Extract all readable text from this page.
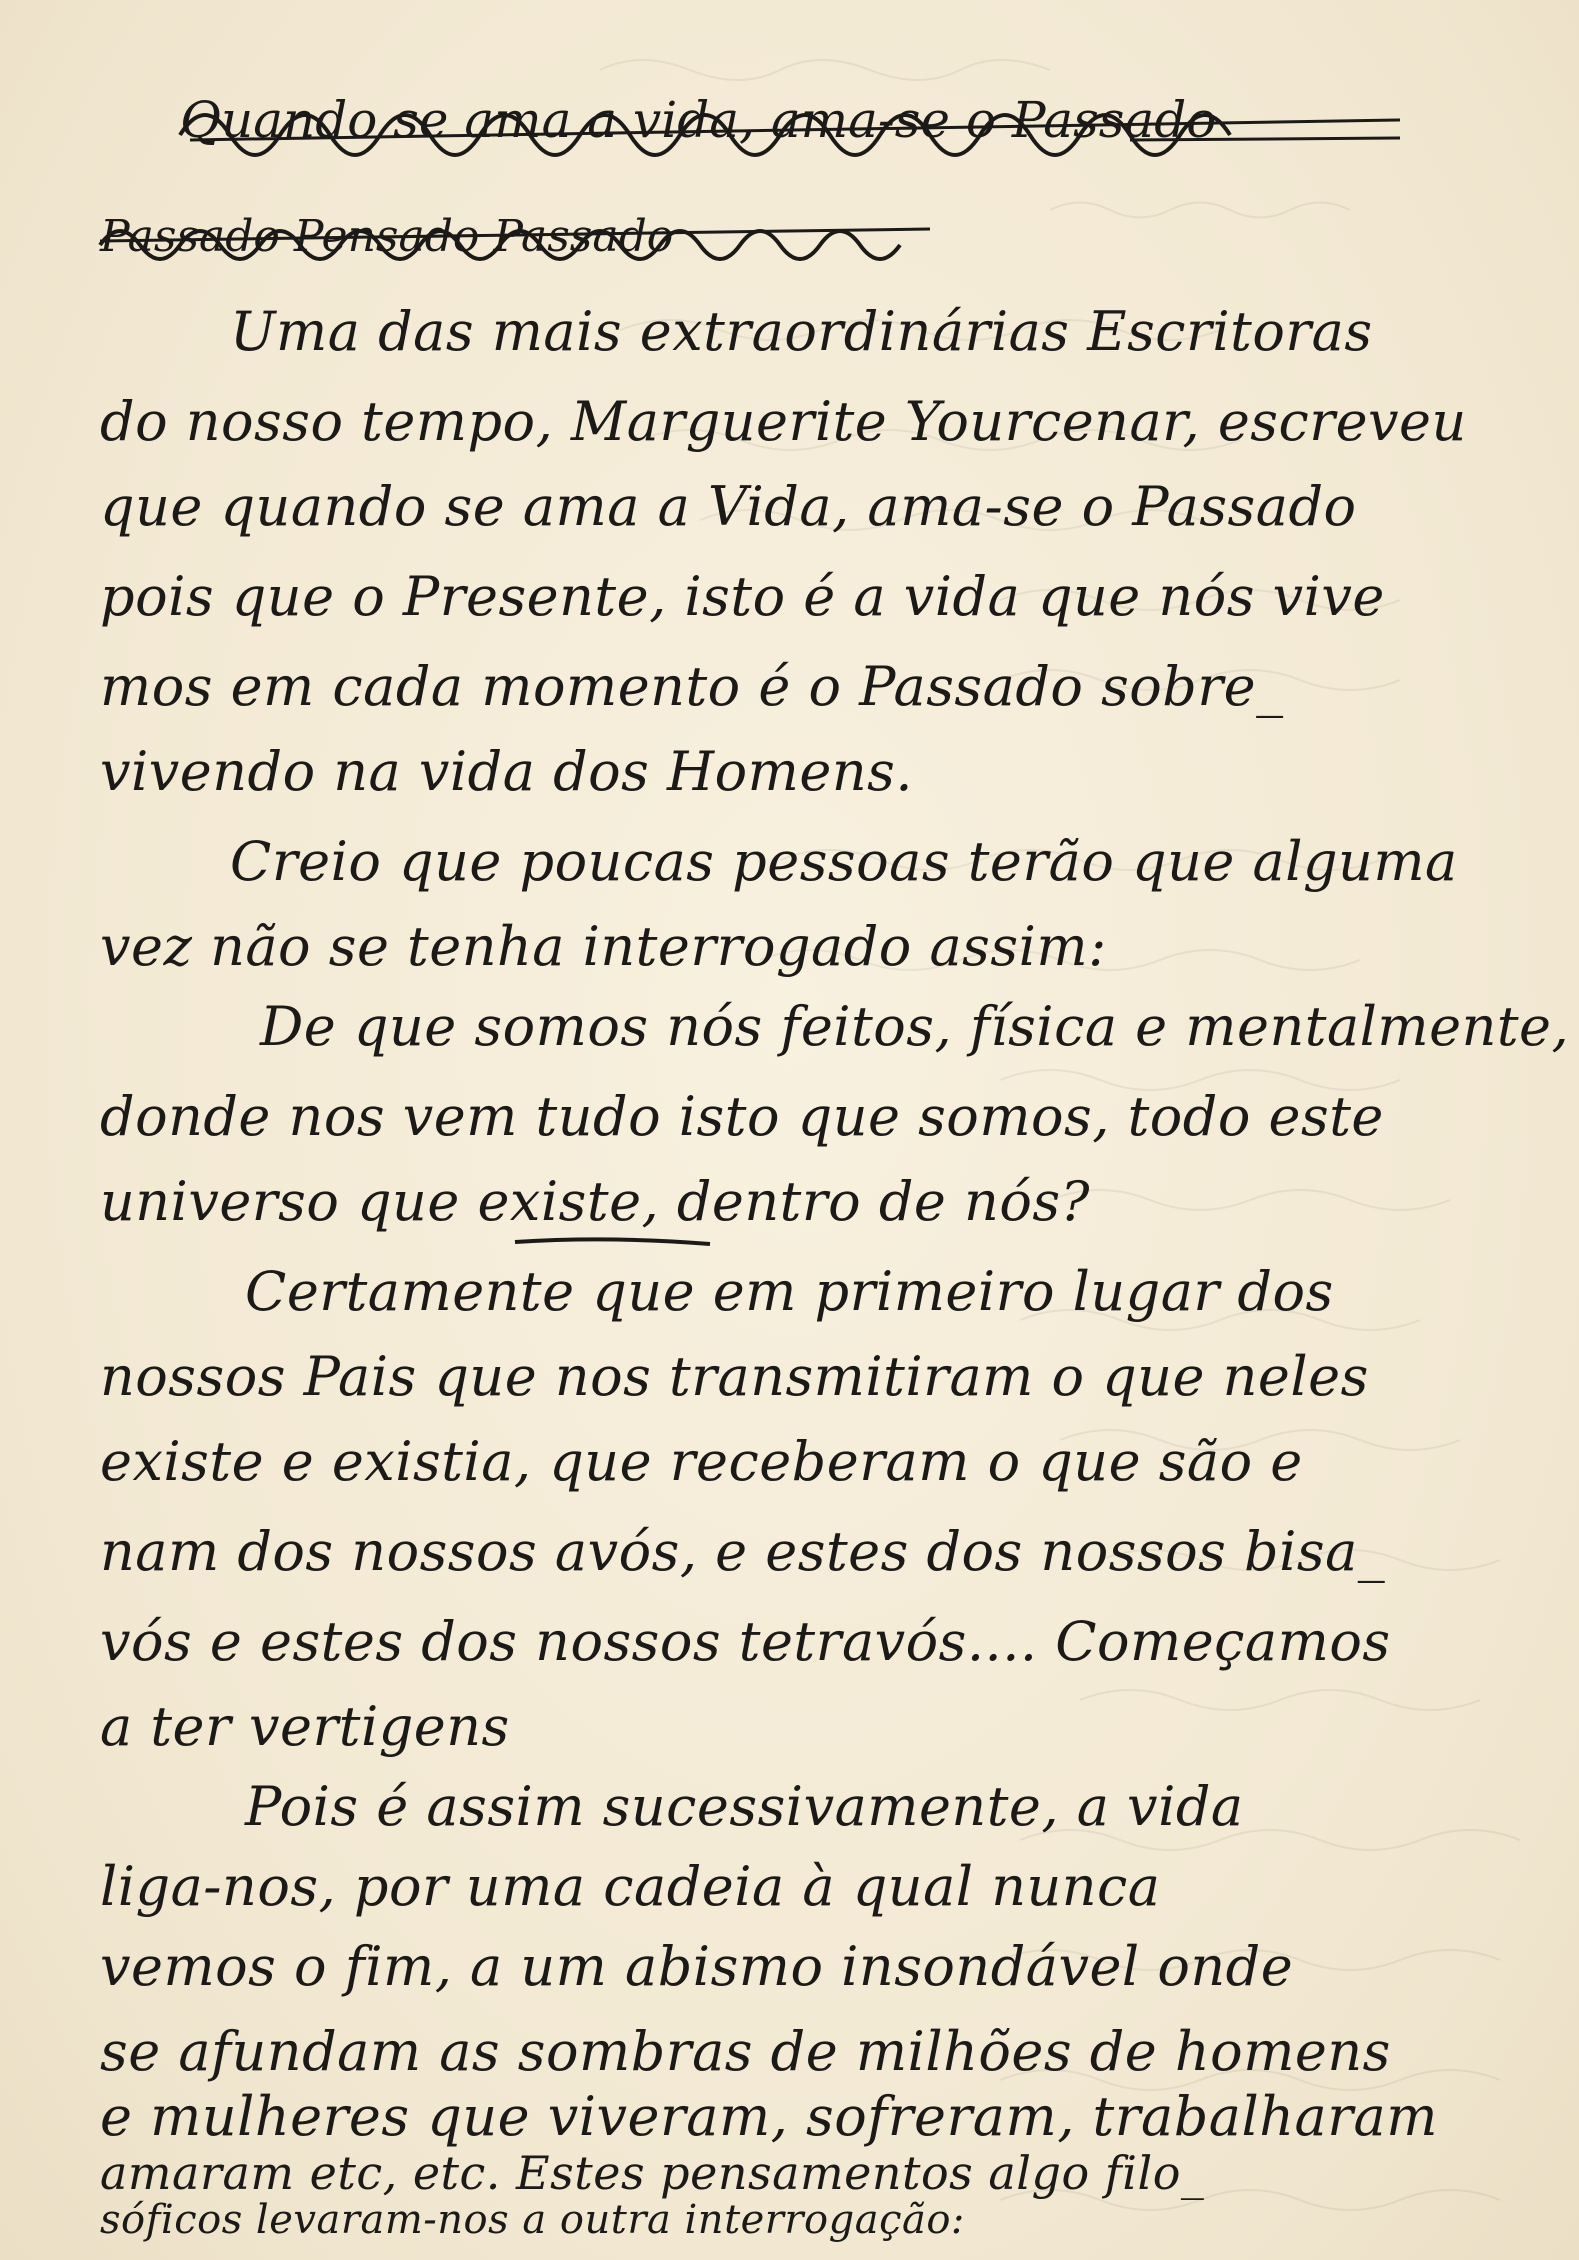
Quando se ama a vida, ama-se o Passado
Passado Pensado Passado
Uma das mais extraordinárias Escritoras
do nosso tempo, Marguerite Yourcenar, escreveu
que quando se ama a Vida, ama-se o Passado
pois que o Presente, isto é a vida que nós vive
mos em cada momento é o Passado sobre_
vivendo na vida dos Homens.
Creio que poucas pessoas terão que alguma
vez não se tenha interrogado assim:
De que somos nós feitos, física e mentalmente,
donde nos vem tudo isto que somos, todo este
universo que existe, dentro de nós?
Certamente que em primeiro lugar dos
nossos Pais que nos transmitiram o que neles
existe e existia, que receberam o que são e
nam dos nossos avós, e estes dos nossos bisa_
vós e estes dos nossos tetravós.... Começamos
a ter vertigens
Pois é assim sucessivamente, a vida
liga-nos, por uma cadeia à qual nunca
vemos o fim, a um abismo insondável onde
se afundam as sombras de milhões de homens
e mulheres que viveram, sofreram, trabalharam
amaram etc, etc. Estes pensamentos algo filo_
sóficos levaram-nos a outra interrogação:
